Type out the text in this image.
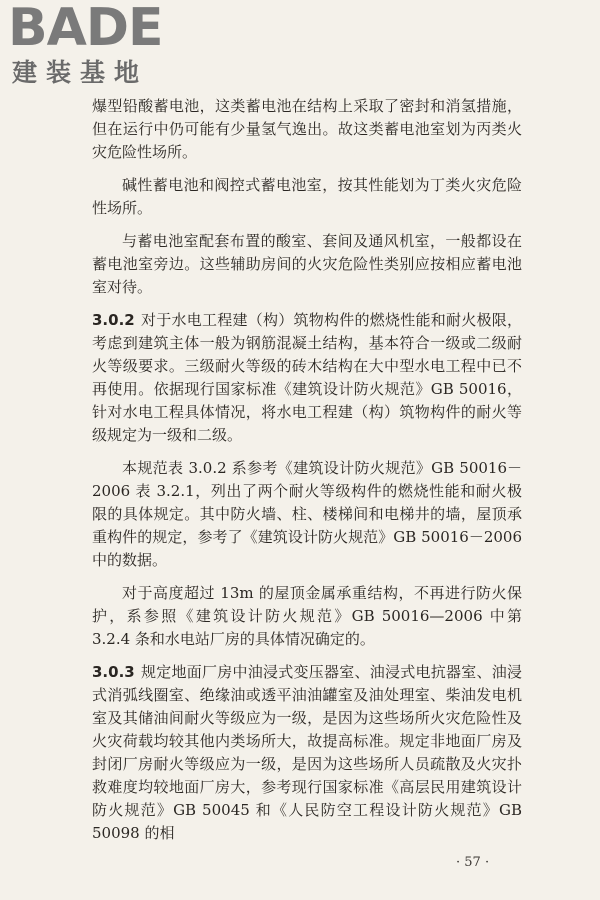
BADE
建装基地

爆型铅酸蓄电池，这类蓄电池在结构上采取了密封和消氢措施，但在运行中仍可能有少量氢气逸出。故这类蓄电池室划为丙类火灾危险性场所。

碱性蓄电池和阀控式蓄电池室，按其性能划为丁类火灾危险性场所。

与蓄电池室配套布置的酸室、套间及通风机室，一般都设在蓄电池室旁边。这些辅助房间的火灾危险性类别应按相应蓄电池室对待。

3.0.2 对于水电工程建（构）筑物构件的燃烧性能和耐火极限，考虑到建筑主体一般为钢筋混凝土结构，基本符合一级或二级耐火等级要求。三级耐火等级的砖木结构在大中型水电工程中已不再使用。依据现行国家标准《建筑设计防火规范》GB 50016，针对水电工程具体情况，将水电工程建（构）筑物构件的耐火等级规定为一级和二级。

本规范表 3.0.2 系参考《建筑设计防火规范》GB 50016－2006 表 3.2.1，列出了两个耐火等级构件的燃烧性能和耐火极限的具体规定。其中防火墙、柱、楼梯间和电梯井的墙，屋顶承重构件的规定，参考了《建筑设计防火规范》GB 50016－2006 中的数据。

对于高度超过 13m 的屋顶金属承重结构，不再进行防火保护，系参照《建筑设计防火规范》GB 50016—2006 中第 3.2.4 条和水电站厂房的具体情况确定的。

3.0.3 规定地面厂房中油浸式变压器室、油浸式电抗器室、油浸式消弧线圈室、绝缘油或透平油油罐室及油处理室、柴油发电机室及其储油间耐火等级应为一级，是因为这些场所火灾危险性及火灾荷载均较其他内类场所大，故提高标准。规定非地面厂房及封闭厂房耐火等级应为一级，是因为这些场所人员疏散及火灾扑救难度均较地面厂房大，参考现行国家标准《高层民用建筑设计防火规范》GB 50045 和《人民防空工程设计防火规范》GB 50098 的相

· 57 ·
